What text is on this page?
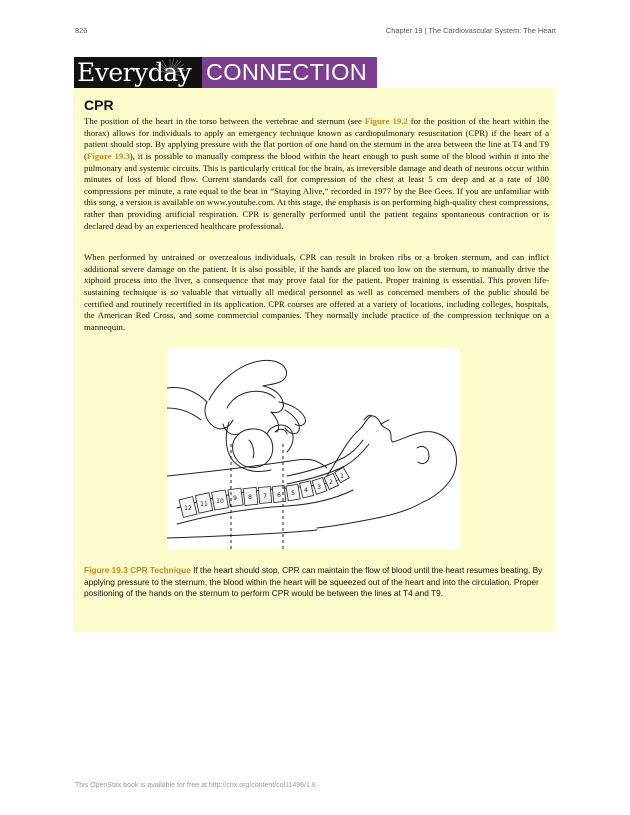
826	Chapter 19 | The Cardiovascular System: The Heart
Everyday CONNECTION
CPR

The position of the heart in the torso between the vertebrae and sternum (see Figure 19.2 for the position of the heart within the thorax) allows for individuals to apply an emergency technique known as cardiopulmonary resuscitation (CPR) if the heart of a patient should stop. By applying pressure with the flat portion of one hand on the sternum in the area between the line at T4 and T9 (Figure 19.3), it is possible to manually compress the blood within the heart enough to push some of the blood within it into the pulmonary and systemic circuits. This is particularly critical for the brain, as irreversible damage and death of neurons occur within minutes of loss of blood flow. Current standards call for compression of the chest at least 5 cm deep and at a rate of 100 compressions per minute, a rate equal to the beat in “Staying Alive,” recorded in 1977 by the Bee Gees. If you are unfamiliar with this song, a version is available on www.youtube.com. At this stage, the emphasis is on performing high-quality chest compressions, rather than providing artificial respiration. CPR is generally performed until the patient regains spontaneous contraction or is declared dead by an experienced healthcare professional.

When performed by untrained or overzealous individuals, CPR can result in broken ribs or a broken sternum, and can inflict additional severe damage on the patient. It is also possible, if the hands are placed too low on the sternum, to manually drive the xiphoid process into the liver, a consequence that may prove fatal for the patient. Proper training is essential. This proven life-sustaining technique is so valuable that virtually all medical personnel as well as concerned members of the public should be certified and routinely recertified in its application. CPR courses are offered at a variety of locations, including colleges, hospitals, the American Red Cross, and some commercial companies. They normally include practice of the compression technique on a mannequin.

12
11 10 9 8 7 6 5 4 3
2
1
Figure 19.3 CPR Technique If the heart should stop, CPR can maintain the flow of blood until the heart resumes beating. By applying pressure to the sternum, the blood within the heart will be squeezed out of the heart and into the circulation. Proper positioning of the hands on the sternum to perform CPR would be between the lines at T4 and T9.
This OpenStax book is available for free at http://cnx.org/content/col11496/1.8
